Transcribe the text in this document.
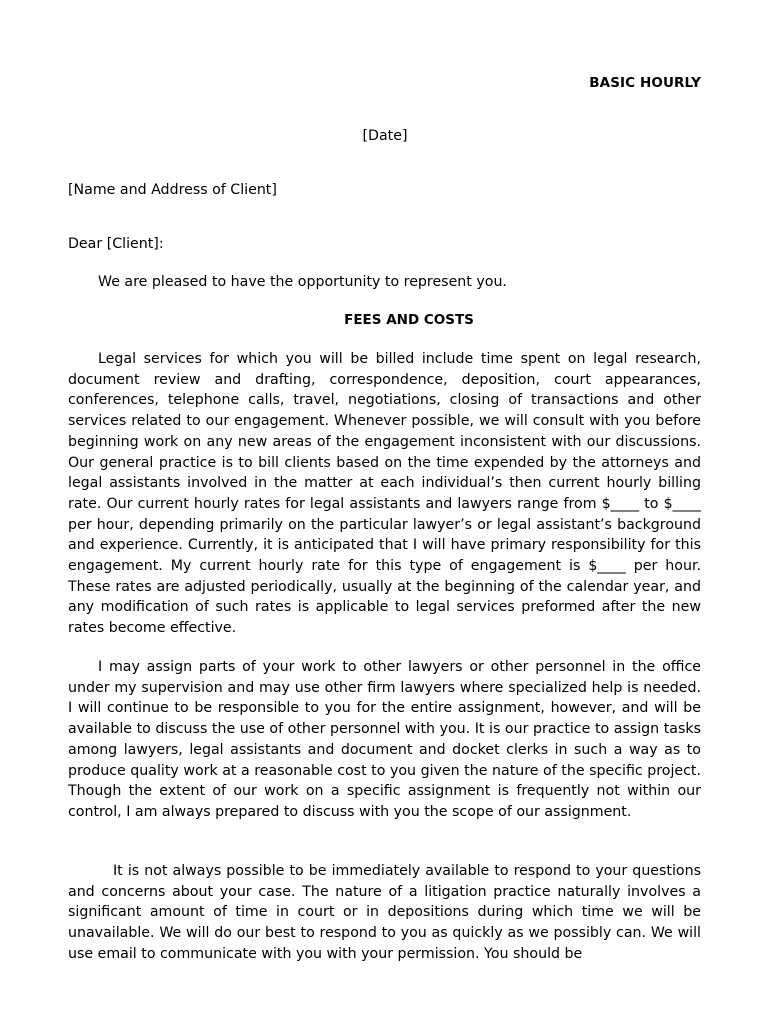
BASIC HOURLY
[Date]
[Name and Address of Client]
Dear [Client]:
We are pleased to have the opportunity to represent you.
FEES AND COSTS

Legal services for which you will be billed include time spent on legal research, document review and drafting, correspondence, deposition, court appearances, conferences, telephone calls, travel, negotiations, closing of transactions and other services related to our engagement. Whenever possible, we will consult with you before beginning work on any new areas of the engagement inconsistent with our discussions. Our general practice is to bill clients based on the time expended by the attorneys and legal assistants involved in the matter at each individual’s then current hourly billing rate. Our current hourly rates for legal assistants and lawyers range from $____ to $____ per hour, depending primarily on the particular lawyer’s or legal assistant’s background and experience. Currently, it is anticipated that I will have primary responsibility for this engagement. My current hourly rate for this type of engagement is $____ per hour. These rates are adjusted periodically, usually at the beginning of the calendar year, and any modification of such rates is applicable to legal services preformed after the new rates become effective.

I may assign parts of your work to other lawyers or other personnel in the office under my supervision and may use other firm lawyers where specialized help is needed. I will continue to be responsible to you for the entire assignment, however, and will be available to discuss the use of other personnel with you. It is our practice to assign tasks among lawyers, legal assistants and document and docket clerks in such a way as to produce quality work at a reasonable cost to you given the nature of the specific project. Though the extent of our work on a specific assignment is frequently not within our control, I am always prepared to discuss with you the scope of our assignment.

It is not always possible to be immediately available to respond to your questions and concerns about your case. The nature of a litigation practice naturally involves a significant amount of time in court or in depositions during which time we will be unavailable. We will do our best to respond to you as quickly as we possibly can. We will use email to communicate with you with your permission. You should be
